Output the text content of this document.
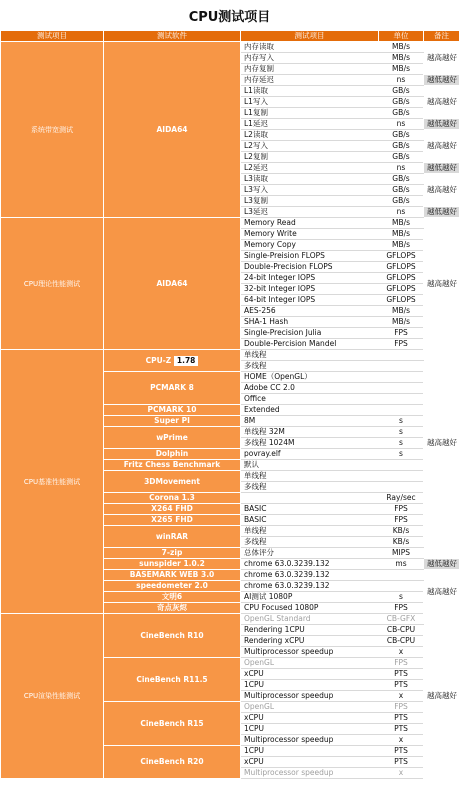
CPU测试项目
测试项目	测试软件	测试项目	单位	备注	
系统带宽测试	AIDA64	内存读取	MB/s	越高越好	
		内存写入	MB/s		
		内存复制	MB/s		
		内存延迟	ns	越低越好	
		L1读取	GB/s	越高越好	
		L1写入	GB/s		
		L1复制	GB/s		
		L1延迟	ns	越低越好	
		L2读取	GB/s	越高越好	
		L2写入	GB/s		
		L2复制	GB/s		
		L2延迟	ns	越低越好	
		L3读取	GB/s	越高越好	
		L3写入	GB/s		
		L3复制	GB/s		
		L3延迟	ns	越低越好	
CPU理论性能测试	AIDA64	Memory Read	MB/s	越高越好	
		Memory Write	MB/s		
		Memory Copy	MB/s		
		Single-Preision FLOPS	GFLOPS		
		Double-Precision FLOPS	GFLOPS		
		24-bit Integer IOPS	GFLOPS		
		32-bit Integer IOPS	GFLOPS		
		64-bit Integer IOPS	GFLOPS		
		AES-256	MB/s		
		SHA-1 Hash	MB/s		
		Single-Precision Julia	FPS		
		Double-Percision Mandel	FPS		
CPU基准性能测试	CPU-Z 1.78	单线程		越高越好	
		多线程			
	PCMARK 8	HOME（OpenGL）			
		Adobe CC 2.0			
		Office			
	PCMARK 10	Extended			
	Super PI	8M	s	
	wPrime	单线程 32M	s		
		多线程 1024M	s		
	Dolphin	povray.elf	s	
	Fritz Chess Benchmark	默认			
	3DMovement	单线程			
		多线程			
	Corona 1.3		Ray/sec		
	X264 FHD	BASIC	FPS		
	X265 FHD	BASIC	FPS		
	winRAR	单线程	KB/s		
		多线程	KB/s		
	7-zip	总体评分	MIPS		
	sunspider 1.0.2	chrome 63.0.3239.132	ms	越低越好	
	BASEMARK WEB 3.0	chrome 63.0.3239.132		越高越好	
	speedometer 2.0	chrome 63.0.3239.132			
	文明6	AI测试 1080P	s		
	奇点灰烬	CPU Focused 1080P	FPS		
CPU渲染性能测试	CineBench R10	OpenGL Standard	CB-GFX	越高越好	
		Rendering 1CPU	CB-CPU		
		Rendering xCPU	CB-CPU		
		Multiprocessor speedup	x		
	CineBench R11.5	OpenGL	FPS		
		xCPU	PTS		
		1CPU	PTS		
		Multiprocessor speedup	x		
	CineBench R15	OpenGL	FPS		
		xCPU	PTS		
		1CPU	PTS		
		Multiprocessor speedup	x		
	CineBench R20	1CPU	PTS		
		xCPU	PTS		
		Multiprocessor speedup	x		
